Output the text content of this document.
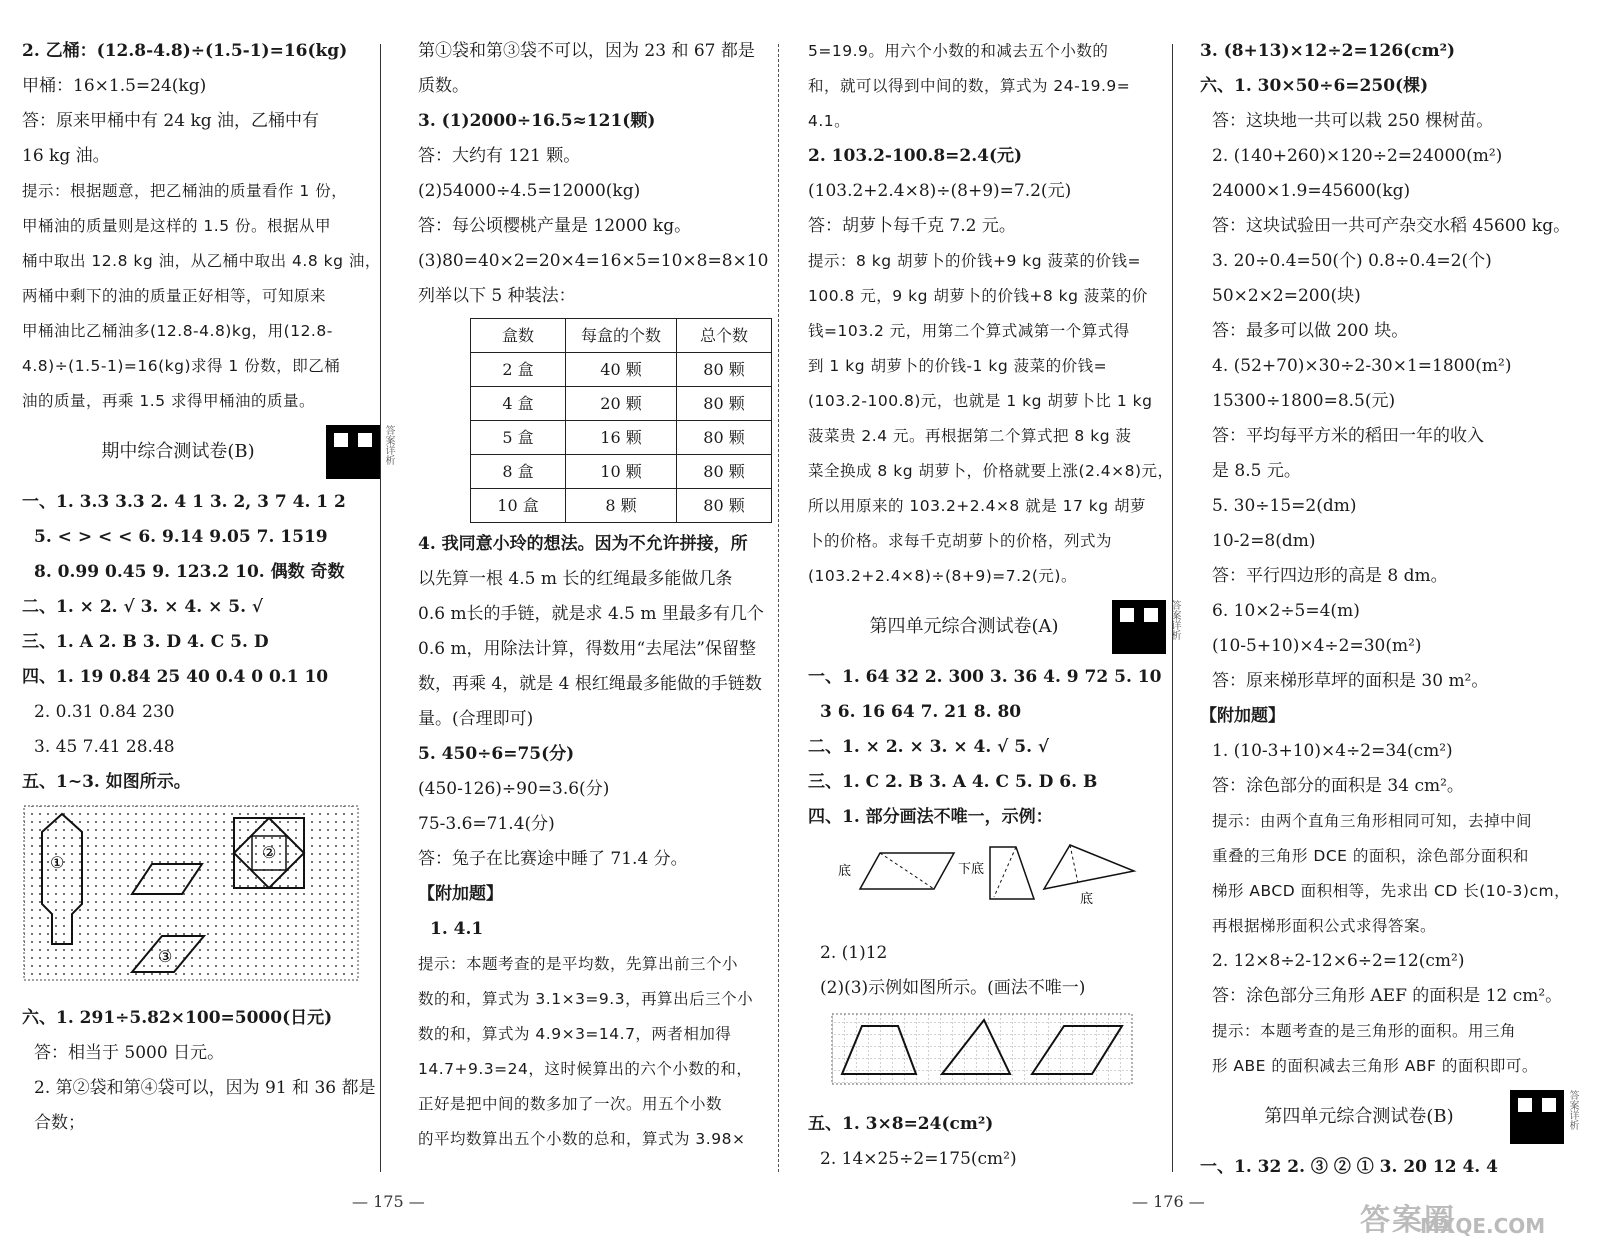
2. 乙桶：(12.8-4.8)÷(1.5-1)=16(kg)
甲桶：16×1.5=24(kg)
答：原来甲桶中有 24 kg 油，乙桶中有
16 kg 油。
提示：根据题意，把乙桶油的质量看作 1 份，
甲桶油的质量则是这样的 1.5 份。根据从甲
桶中取出 12.8 kg 油，从乙桶中取出 4.8 kg 油，
两桶中剩下的油的质量正好相等，可知原来
甲桶油比乙桶油多(12.8-4.8)kg，用(12.8-
4.8)÷(1.5-1)=16(kg)求得 1 份数，即乙桶
油的质量，再乘 1.5 求得甲桶油的质量。
期中综合测试卷(B)	答案详析
一、1. 3.3 3.3 2. 4 1 3. 2, 3 7 4. 1 2
5. < > < < 6. 9.14 9.05 7. 1519
8. 0.99 0.45 9. 123.2 10. 偶数 奇数
二、1. × 2. √ 3. × 4. × 5. √
三、1. A 2. B 3. D 4. C 5. D
四、1. 19 0.84 25 40 0.4 0 0.1 10
2. 0.31 0.84 230
3. 45 7.41 28.48
五、1~3. 如图所示。
①
②
③
六、1. 291÷5.82×100=5000(日元)
答：相当于 5000 日元。
2. 第②袋和第④袋可以，因为 91 和 36 都是
合数；
第①袋和第③袋不可以，因为 23 和 67 都是
质数。
3. (1)2000÷16.5≈121(颗)
答：大约有 121 颗。
(2)54000÷4.5=12000(kg)
答：每公顷樱桃产量是 12000 kg。
(3)80=40×2=20×4=16×5=10×8=8×10
列举以下 5 种装法：
盒数	每盒的个数	总个数
2 盒	40 颗	80 颗
4 盒	20 颗	80 颗
5 盒	16 颗	80 颗
8 盒	10 颗	80 颗
10 盒	8 颗	80 颗
4. 我同意小玲的想法。因为不允许拼接，所
以先算一根 4.5 m 长的红绳最多能做几条
0.6 m长的手链，就是求 4.5 m 里最多有几个
0.6 m，用除法计算，得数用“去尾法”保留整
数，再乘 4，就是 4 根红绳最多能做的手链数
量。(合理即可)
5. 450÷6=75(分)
(450-126)÷90=3.6(分)
75-3.6=71.4(分)
答：兔子在比赛途中睡了 71.4 分。
【附加题】
1. 4.1
提示：本题考查的是平均数，先算出前三个小
数的和，算式为 3.1×3=9.3，再算出后三个小
数的和，算式为 4.9×3=14.7，两者相加得
14.7+9.3=24，这时候算出的六个小数的和，
正好是把中间的数多加了一次。用五个小数
的平均数算出五个小数的总和，算式为 3.98×
5=19.9。用六个小数的和减去五个小数的
和，就可以得到中间的数，算式为 24-19.9=
4.1。
2. 103.2-100.8=2.4(元)
(103.2+2.4×8)÷(8+9)=7.2(元)
答：胡萝卜每千克 7.2 元。
提示：8 kg 胡萝卜的价钱+9 kg 菠菜的价钱=
100.8 元，9 kg 胡萝卜的价钱+8 kg 菠菜的价
钱=103.2 元，用第二个算式减第一个算式得
到 1 kg 胡萝卜的价钱-1 kg 菠菜的价钱=
(103.2-100.8)元，也就是 1 kg 胡萝卜比 1 kg
菠菜贵 2.4 元。再根据第二个算式把 8 kg 菠
菜全换成 8 kg 胡萝卜，价格就要上涨(2.4×8)元，
所以用原来的 103.2+2.4×8 就是 17 kg 胡萝
卜的价格。求每千克胡萝卜的价格，列式为
(103.2+2.4×8)÷(8+9)=7.2(元)。
第四单元综合测试卷(A)	答案详析
一、1. 64 32 2. 300 3. 36 4. 9 72 5. 10
3 6. 16 64 7. 21 8. 80
二、1. × 2. × 3. × 4. √ 5. √
三、1. C 2. B 3. A 4. C 5. D 6. B
四、1. 部分画法不唯一，示例：
底	下底
底
2. (1)12
(2)(3)示例如图所示。(画法不唯一)
五、1. 3×8=24(cm²)
2. 14×25÷2=175(cm²)
3. (8+13)×12÷2=126(cm²)
六、1. 30×50÷6=250(棵)
答：这块地一共可以栽 250 棵树苗。
2. (140+260)×120÷2=24000(m²)
24000×1.9=45600(kg)
答：这块试验田一共可产杂交水稻 45600 kg。
3. 20÷0.4=50(个) 0.8÷0.4=2(个)
50×2×2=200(块)
答：最多可以做 200 块。
4. (52+70)×30÷2-30×1=1800(m²)
15300÷1800=8.5(元)
答：平均每平方米的稻田一年的收入
是 8.5 元。
5. 30÷15=2(dm)
10-2=8(dm)
答：平行四边形的高是 8 dm。
6. 10×2÷5=4(m)
(10-5+10)×4÷2=30(m²)
答：原来梯形草坪的面积是 30 m²。
【附加题】
1. (10-3+10)×4÷2=34(cm²)
答：涂色部分的面积是 34 cm²。
提示：由两个直角三角形相同可知，去掉中间
重叠的三角形 DCE 的面积，涂色部分面积和
梯形 ABCD 面积相等，先求出 CD 长(10-3)cm，
再根据梯形面积公式求得答案。
2. 12×8÷2-12×6÷2=12(cm²)
答：涂色部分三角形 AEF 的面积是 12 cm²。
提示：本题考查的是三角形的面积。用三角
形 ABE 的面积减去三角形 ABF 的面积即可。
第四单元综合测试卷(B)	答案详析
一、1. 32 2. ③ ② ① 3. 20 12 4. 4
— 175 —	— 176 —
答案圈
MXQE.COM
